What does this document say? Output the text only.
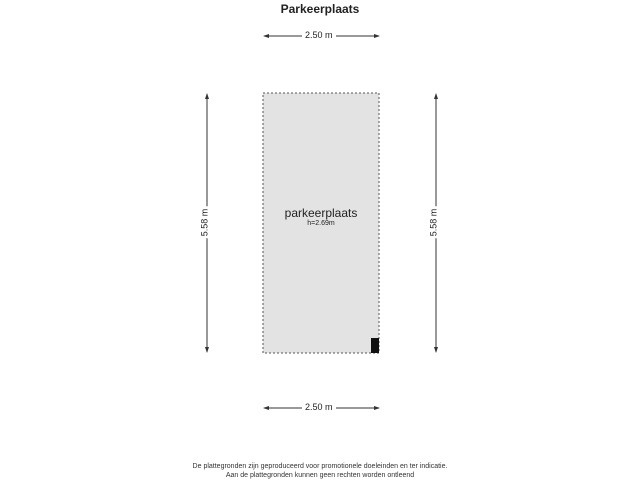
Parkeerplaats
2.50 m
2.50 m
5.58 m	5.58 m
parkeerplaats
h=2.69m
De plattegronden zijn geproduceerd voor promotionele doeleinden en ter indicatie.
Aan de plattegronden kunnen geen rechten worden ontleend
